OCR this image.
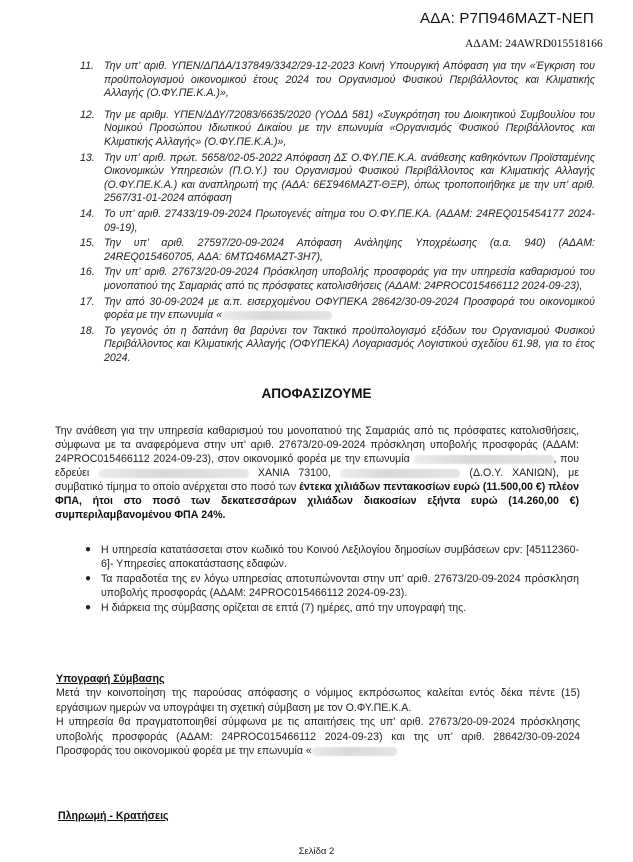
ΑΔΑ: Ρ7Π946ΜΑΖΤ-ΝΕΠ
ΑΔΑΜ: 24AWRD015518166
11. Την υπ’ αριθ. ΥΠΕΝ/ΔΠΔΑ/137849/3342/29-12-2023 Κοινή Υπουργική Απόφαση για την «Έγκριση του προϋπολογισμού οικονομικού έτους 2024 του Οργανισμού Φυσικού Περιβάλλοντος και Κλιματικής Αλλαγής (Ο.ΦΥ.ΠΕ.Κ.Α.)»,
12. Την με αριθμ. ΥΠΕΝ/ΔΔΥ/72083/6635/2020 (ΥΟΔΔ 581) «Συγκρότηση του Διοικητικού Συμβουλίου του Νομικού Προσώπου Ιδιωτικού Δικαίου με την επωνυμία «Οργανισμός Φυσικού Περιβάλλοντος και Κλιματικής Αλλαγής» (Ο.ΦΥ.ΠΕ.Κ.Α.)»,
13. Την υπ’ αριθ. πρωτ. 5658/02-05-2022 Απόφαση ΔΣ Ο.ΦΥ.ΠΕ.Κ.Α. ανάθεσης καθηκόντων Προϊσταμένης Οικονομικών Υπηρεσιών (Π.Ο.Υ.) του Οργανισμού Φυσικού Περιβάλλοντος και Κλιματικής Αλλαγής (Ο.ΦΥ.ΠΕ.Κ.Α.) και αναπληρωτή της (ΑΔΑ: 6ΕΣ946ΜΑΖΤ-ΘΞΡ), όπως τροποποιήθηκε με την υπ’ αριθ. 2567/31-01-2024 απόφαση
14. Το υπ’ αριθ. 27433/19-09-2024 Πρωτογενές αίτημα του Ο.ΦΥ.ΠΕ.ΚΑ. (ΑΔΑΜ: 24REQ015454177 2024-09-19),
15. Την υπ’ αριθ. 27597/20-09-2024 Απόφαση Ανάληψης Υποχρέωσης (α.α. 940) (ΑΔΑΜ: 24REQ015460705, ΑΔΑ: 6ΜΤΩ46ΜΑΖΤ-3Η7),
16. Την υπ’ αριθ. 27673/20-09-2024 Πρόσκληση υποβολής προσφοράς για την υπηρεσία καθαρισμού του μονοπατιού της Σαμαριάς από τις πρόσφατες κατολισθήσεις (ΑΔΑΜ: 24PROC015466112 2024-09-23),
17. Την από 30-09-2024 με α.π. εισερχομένου ΟΦΥΠΕΚΑ 28642/30-09-2024 Προσφορά του οικονομικού φορέα με την επωνυμία «
18. Το γεγονός ότι η δαπάνη θα βαρύνει τον Τακτικό προϋπολογισμό εξόδων του Οργανισμού Φυσικού Περιβάλλοντος και Κλιματικής Αλλαγής (ΟΦΥΠΕΚΑ) Λογαριασμός Λογιστικού σχεδίου 61.98, για το έτος 2024.
ΑΠΟΦΑΣΙΖΟΥΜΕ
Την ανάθεση για την υπηρεσία καθαρισμού του μονοπατιού της Σαμαριάς από τις πρόσφατες κατολισθήσεις, σύμφωνα με τα αναφερόμενα στην υπ’ αριθ. 27673/20-09-2024 πρόσκληση υποβολής προσφοράς (ΑΔΑΜ: 24PROC015466112 2024-09-23), στον οικονομικό φορέα με την επωνυμία	, που εδρεύει	ΧΑΝΙΑ 73100,	(Δ.Ο.Υ. ΧΑΝΙΩΝ), με συμβατικό τίμημα το οποίο ανέρχεται στο ποσό των έντεκα χιλιάδων πεντακοσίων ευρώ (11.500,00 €) πλέον ΦΠΑ, ήτοι στο ποσό των δεκατεσσάρων χιλιάδων διακοσίων εξήντα ευρώ (14.260,00 €) συμπεριλαμβανομένου ΦΠΑ 24%.
● Η υπηρεσία κατατάσσεται στον κωδικό του Κοινού Λεξιλογίου δημοσίων συμβάσεων cpv: [45112360-6]- Υπηρεσίες αποκατάστασης εδαφών.
● Τα παραδοτέα της εν λόγω υπηρεσίας αποτυπώνονται στην υπ’ αριθ. 27673/20-09-2024 πρόσκληση υποβολής προσφοράς (ΑΔΑΜ: 24PROC015466112 2024-09-23).
● Η διάρκεια της σύμβασης ορίζεται σε επτά (7) ημέρες, από την υπογραφή της.
Υπογραφή Σύμβασης
Μετά την κοινοποίηση της παρούσας απόφασης ο νόμιμος εκπρόσωπος καλείται εντός δέκα πέντε (15) εργάσιμων ημερών να υπογράψει τη σχετική σύμβαση με τον Ο.ΦΥ.ΠΕ.Κ.Α.
Η υπηρεσία θα πραγματοποιηθεί σύμφωνα με τις απαιτήσεις της υπ’ αριθ. 27673/20-09-2024 πρόσκλησης υποβολής προσφοράς (ΑΔΑΜ: 24PROC015466112 2024-09-23) και της υπ’ αριθ. 28642/30-09-2024 Προσφοράς του οικονομικού φορέα με την επωνυμία «
Πληρωμή - Κρατήσεις
Σελίδα 2
